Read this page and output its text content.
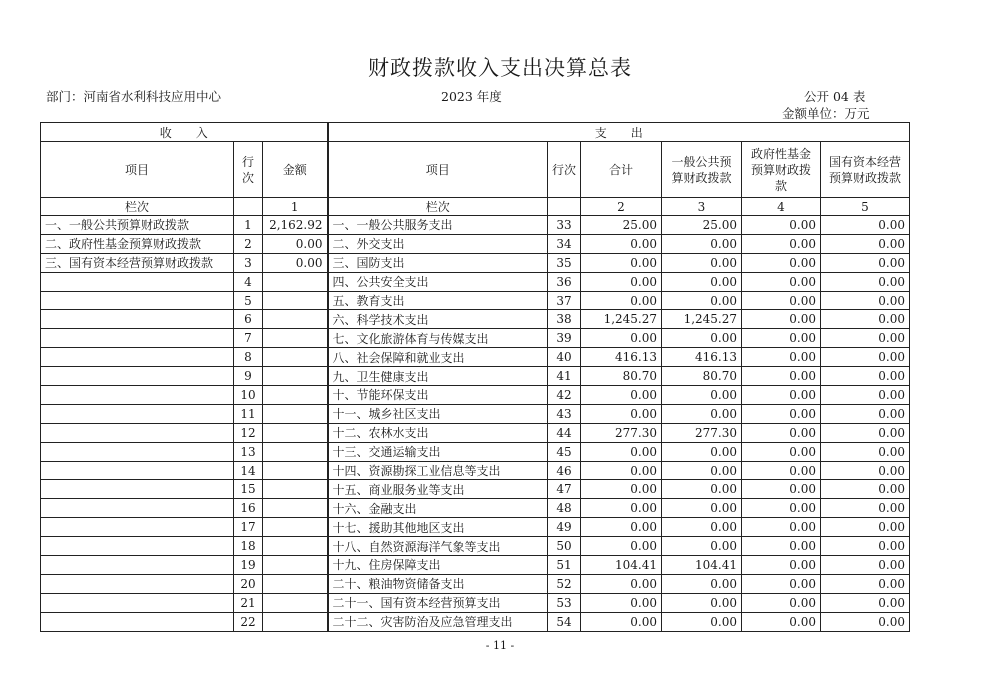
财政拨款收入支出决算总表
部门：河南省水利科技应用中心	2023 年度	公开 04 表
金额单位：万元
收　　入			支　　出					
项目	行次	金额	项目	行次	合计	一般公共预算财政拨款	政府性基金预算财政拨款	国有资本经营预算财政拨款
栏次		1	栏次		2	3	4	5
一、一般公共预算财政拨款	1	2,162.92	一、一般公共服务支出	33	25.00	25.00	0.00	0.00
二、政府性基金预算财政拨款	2	0.00	二、外交支出	34	0.00	0.00	0.00	0.00
三、国有资本经营预算财政拨款	3	0.00	三、国防支出	35	0.00	0.00	0.00	0.00
	4		四、公共安全支出	36	0.00	0.00	0.00	0.00
	5		五、教育支出	37	0.00	0.00	0.00	0.00
	6		六、科学技术支出	38	1,245.27	1,245.27	0.00	0.00
	7		七、文化旅游体育与传媒支出	39	0.00	0.00	0.00	0.00
	8		八、社会保障和就业支出	40	416.13	416.13	0.00	0.00
	9		九、卫生健康支出	41	80.70	80.70	0.00	0.00
	10		十、节能环保支出	42	0.00	0.00	0.00	0.00
	11		十一、城乡社区支出	43	0.00	0.00	0.00	0.00
	12		十二、农林水支出	44	277.30	277.30	0.00	0.00
	13		十三、交通运输支出	45	0.00	0.00	0.00	0.00
	14		十四、资源勘探工业信息等支出	46	0.00	0.00	0.00	0.00
	15		十五、商业服务业等支出	47	0.00	0.00	0.00	0.00
	16		十六、金融支出	48	0.00	0.00	0.00	0.00
	17		十七、援助其他地区支出	49	0.00	0.00	0.00	0.00
	18		十八、自然资源海洋气象等支出	50	0.00	0.00	0.00	0.00
	19		十九、住房保障支出	51	104.41	104.41	0.00	0.00
	20		二十、粮油物资储备支出	52	0.00	0.00	0.00	0.00
	21		二十一、国有资本经营预算支出	53	0.00	0.00	0.00	0.00
	22		二十二、灾害防治及应急管理支出	54	0.00	0.00	0.00	0.00
- 11 -
